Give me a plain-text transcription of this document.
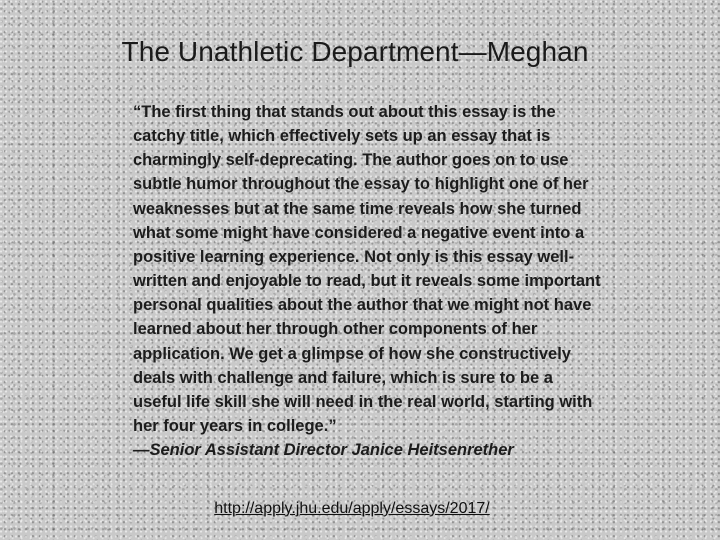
The Unathletic Department—Meghan

“The first thing that stands out about this essay is the catchy title, which effectively sets up an essay that is charmingly self-deprecating. The author goes on to use subtle humor throughout the essay to highlight one of her weaknesses but at the same time reveals how she turned what some might have considered a negative event into a positive learning experience. Not only is this essay well-written and enjoyable to read, but it reveals some important personal qualities about the author that we might not have learned about her through other components of her application. We get a glimpse of how she constructively deals with challenge and failure, which is sure to be a useful life skill she will need in the real world, starting with her four years in college.”

—Senior Assistant Director Janice Heitsenrether

http://apply.jhu.edu/apply/essays/2017/
